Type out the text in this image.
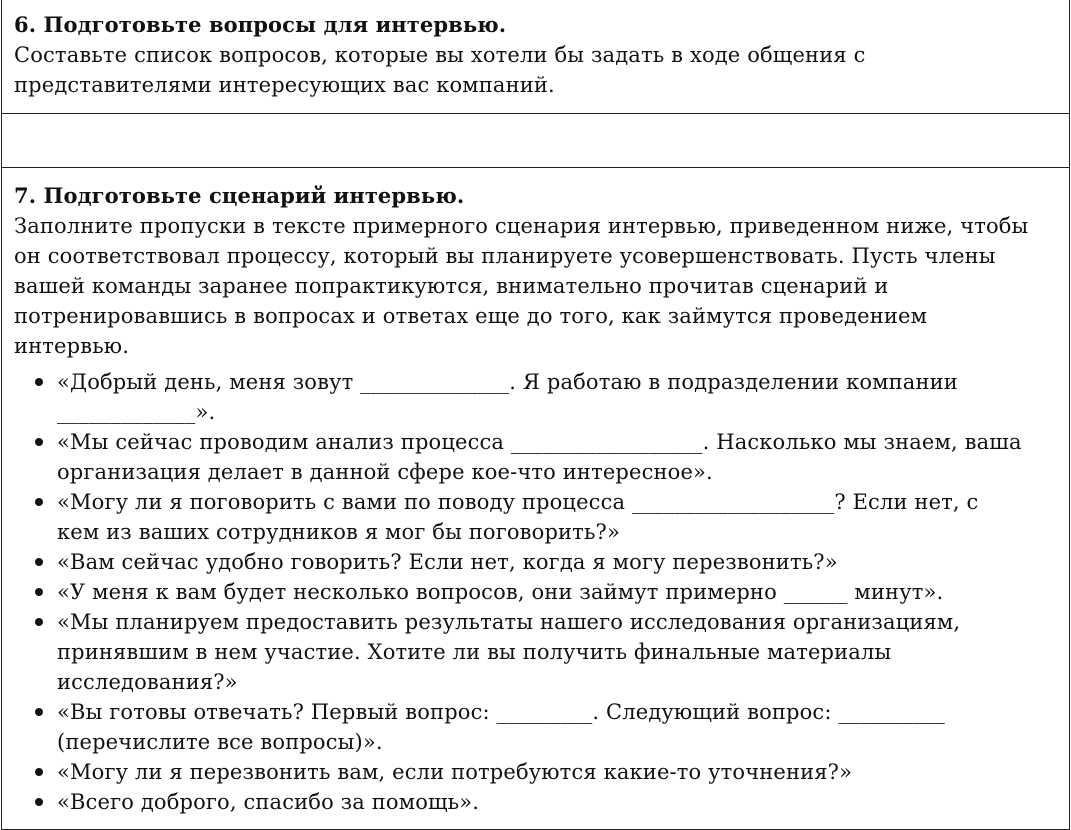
6. Подготовьте вопросы для интервью.

Составьте список вопросов, которые вы хотели бы задать в ходе общения с

представителями интересующих вас компаний.

7. Подготовьте сценарий интервью.

Заполните пропуски в тексте примерного сценария интервью, приведенном ниже, чтобы

он соответствовал процессу, который вы планируете усовершенствовать. Пусть члены

вашей команды заранее попрактикуются, внимательно прочитав сценарий и

потренировавшись в вопросах и ответах еще до того, как займутся проведением

интервью.

«Добрый день, меня зовут ______________. Я работаю в подразделении компании
_____________».
«Мы сейчас проводим анализ процесса __________________. Насколько мы знаем, ваша
организация делает в данной сфере кое-что интересное».
«Могу ли я поговорить с вами по поводу процесса ___________________? Если нет, с
кем из ваших сотрудников я мог бы поговорить?»
«Вам сейчас удобно говорить? Если нет, когда я могу перезвонить?»
«У меня к вам будет несколько вопросов, они займут примерно ______ минут».
«Мы планируем предоставить результаты нашего исследования организациям,
принявшим в нем участие. Хотите ли вы получить финальные материалы
исследования?»
«Вы готовы отвечать? Первый вопрос: _________. Следующий вопрос: __________
(перечислите все вопросы)».
«Могу ли я перезвонить вам, если потребуются какие-то уточнения?»
«Всего доброго, спасибо за помощь».
